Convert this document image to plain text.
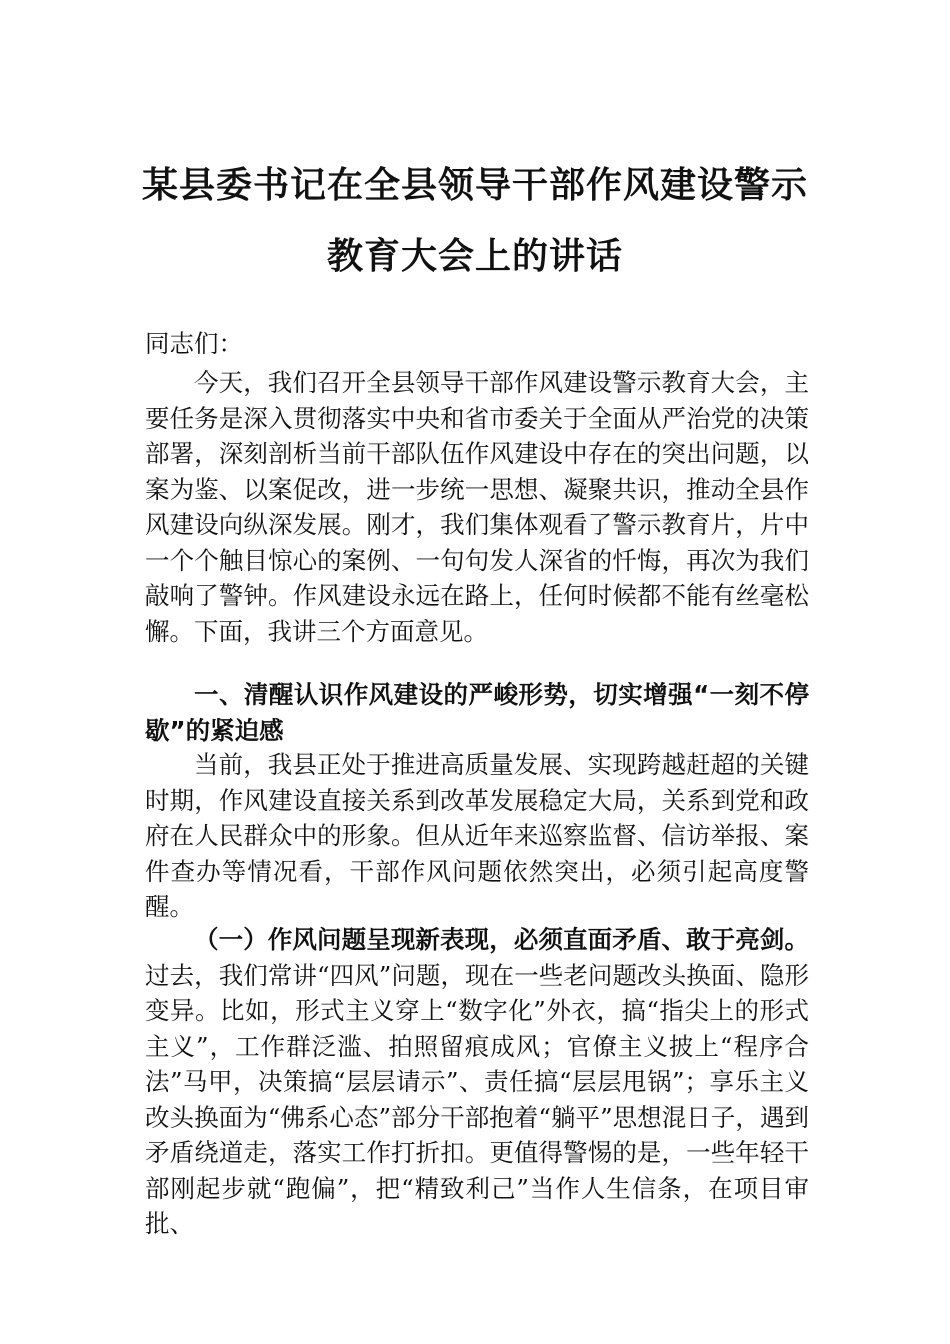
某县委书记在全县领导干部作风建设警示
教育大会上的讲话

同志们：

今天，我们召开全县领导干部作风建设警示教育大会，主要任务是深入贯彻落实中央和省市委关于全面从严治党的决策部署，深刻剖析当前干部队伍作风建设中存在的突出问题，以案为鉴、以案促改，进一步统一思想、凝聚共识，推动全县作风建设向纵深发展。刚才，我们集体观看了警示教育片，片中一个个触目惊心的案例、一句句发人深省的忏悔，再次为我们敲响了警钟。作风建设永远在路上，任何时候都不能有丝毫松懈。下面，我讲三个方面意见。

一、清醒认识作风建设的严峻形势，切实增强“一刻不停歇”的紧迫感

当前，我县正处于推进高质量发展、实现跨越赶超的关键时期，作风建设直接关系到改革发展稳定大局，关系到党和政府在人民群众中的形象。但从近年来巡察监督、信访举报、案件查办等情况看，干部作风问题依然突出，必须引起高度警醒。

（一）作风问题呈现新表现，必须直面矛盾、敢于亮剑。过去，我们常讲“四风”问题，现在一些老问题改头换面、隐形变异。比如，形式主义穿上“数字化”外衣，搞“指尖上的形式主义”，工作群泛滥、拍照留痕成风；官僚主义披上“程序合法”马甲，决策搞“层层请示”、责任搞“层层甩锅”；享乐主义改头换面为“佛系心态”部分干部抱着“躺平”思想混日子，遇到矛盾绕道走，落实工作打折扣。更值得警惕的是，一些年轻干部刚起步就“跑偏”，把“精致利己”当作人生信条，在项目审批、
